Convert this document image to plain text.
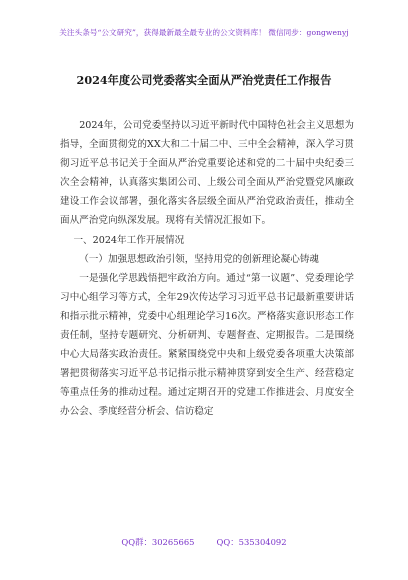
关注头条号“公文研究”，获得最新最全最专业的公文资料库！ 微信同步：gongwenyj
2024年度公司党委落实全面从严治党责任工作报告

2024年，公司党委坚持以习近平新时代中国特色社会主义思想为指导，全面贯彻党的XX大和二十届二中、三中全会精神，深入学习贯彻习近平总书记关于全面从严治党重要论述和党的二十届中央纪委三次全会精神，认真落实集团公司、上级公司全面从严治党暨党风廉政建设工作会议部署，强化落实各层级全面从严治党政治责任，推动全面从严治党向纵深发展。现将有关情况汇报如下。

一、2024年工作开展情况

（一）加强思想政治引领，坚持用党的创新理论凝心铸魂

一是强化学思践悟把牢政治方向。通过“第一议题”、党委理论学习中心组学习等方式，全年29次传达学习习近平总书记最新重要讲话和指示批示精神，党委中心组理论学习16次。严格落实意识形态工作责任制，坚持专题研究、分析研判、专题督查、定期报告。二是围绕中心大局落实政治责任。紧紧围绕党中央和上级党委各项重大决策部署把贯彻落实习近平总书记指示批示精神贯穿到安全生产、经营稳定等重点任务的推动过程。通过定期召开的党建工作推进会、月度安全办公会、季度经营分析会、信访稳定

QQ群：30265665	QQ：535304092
